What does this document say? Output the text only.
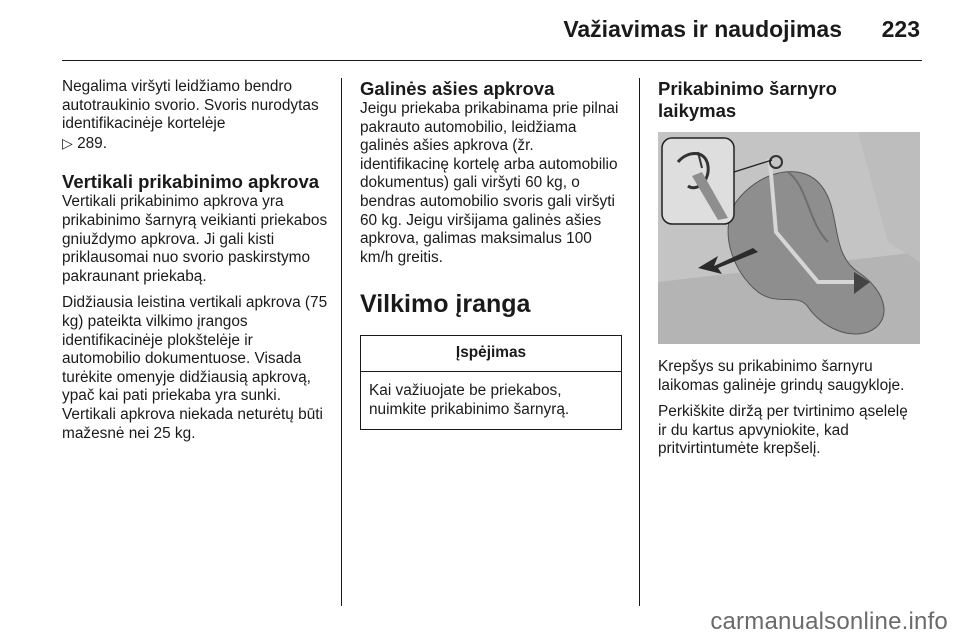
Važiavimas ir naudojimas 223

Negalima viršyti leidžiamo bendro autotraukinio svorio. Svoris nurodytas identifikacinėje kortelėje
▷ 289.

Vertikali prikabinimo apkrova

Vertikali prikabinimo apkrova yra prikabinimo šarnyrą veikianti priekabos gniuždymo apkrova. Ji gali kisti priklausomai nuo svorio paskirstymo pakraunant priekabą.

Didžiausia leistina vertikali apkrova (75 kg) pateikta vilkimo įrangos identifikacinėje plokštelėje ir automobilio dokumentuose. Visada turėkite omenyje didžiausią apkrovą, ypač kai pati priekaba yra sunki. Vertikali apkrova niekada neturėtų būti mažesnė nei 25 kg.

Galinės ašies apkrova

Jeigu priekaba prikabinama prie pilnai pakrauto automobilio, leidžiama galinės ašies apkrova (žr. identifikacinę kortelę arba automobilio dokumentus) gali viršyti 60 kg, o bendras automobilio svoris gali viršyti 60 kg. Jeigu viršijama galinės ašies apkrova, galimas maksimalus 100 km/h greitis.

Vilkimo įranga
Įspėjimas
Kai važiuojate be priekabos, nuimkite prikabinimo šarnyrą.
Prikabinimo šarnyro laikymas

Krepšys su prikabinimo šarnyru laikomas galinėje grindų saugykloje.

Perkiškite diržą per tvirtinimo ąselelę ir du kartus apvyniokite, kad pritvirtintumėte krepšelį.

carmanualsonline.info
